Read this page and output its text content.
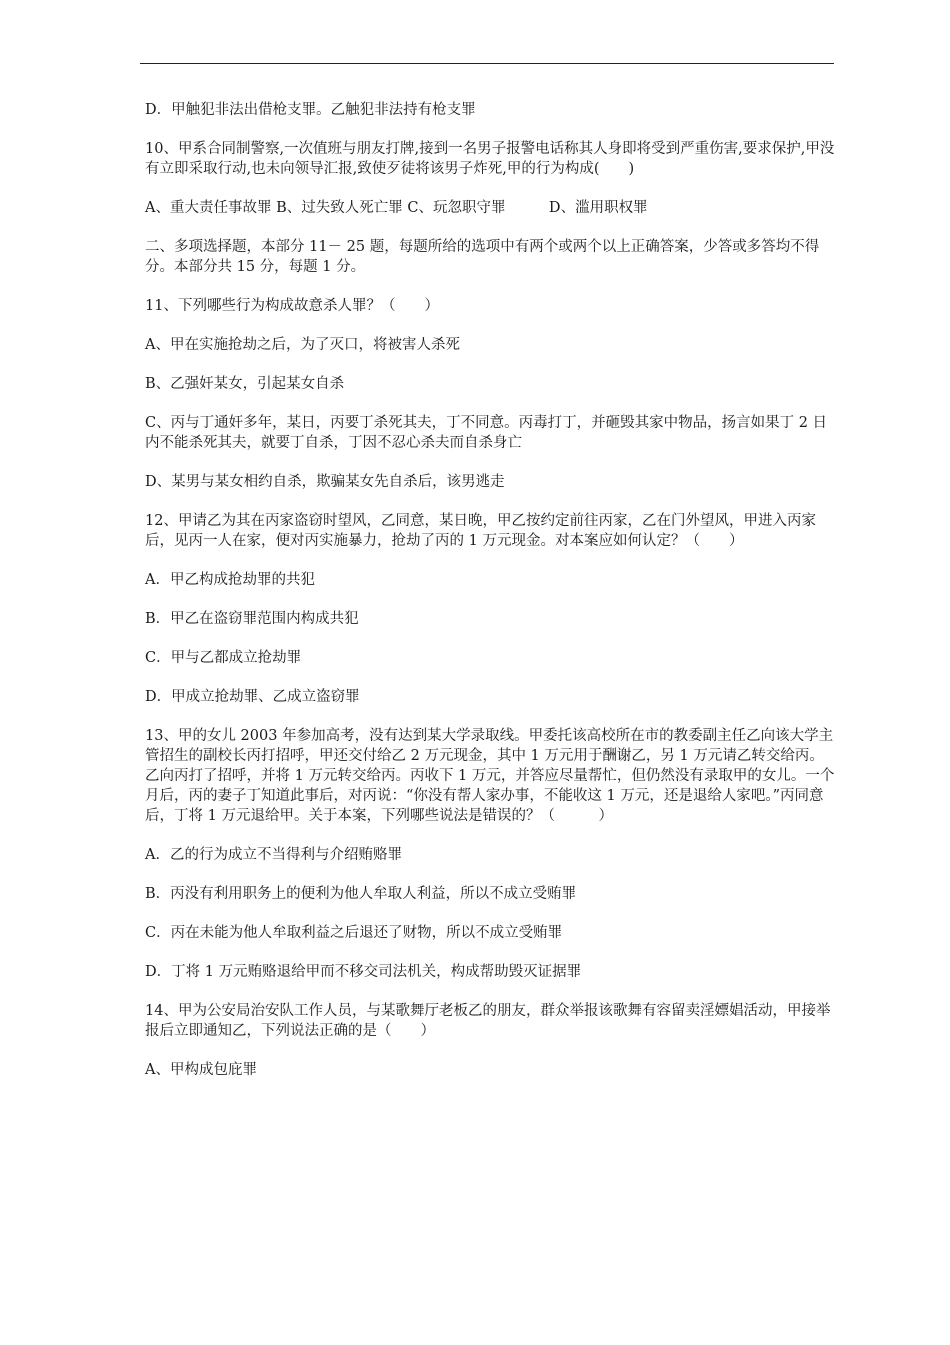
D．甲触犯非法出借枪支罪。乙触犯非法持有枪支罪

10、甲系合同制警察,一次值班与朋友打牌,接到一名男子报警电话称其人身即将受到严重伤害,要求保护,甲没有立即采取行动,也未向领导汇报,致使歹徒将该男子炸死,甲的行为构成(　　)

A、重大责任事故罪 B、过失致人死亡罪 C、玩忽职守罪　　　D、滥用职权罪

二、多项选择题，本部分 11－ 25 题，每题所给的选项中有两个或两个以上正确答案，少答或多答均不得分。本部分共 15 分，每题 1 分。

11、下列哪些行为构成故意杀人罪？（　　）

A、甲在实施抢劫之后，为了灭口，将被害人杀死

B、乙强奸某女，引起某女自杀

C、丙与丁通奸多年，某日，丙要丁杀死其夫，丁不同意。丙毒打丁，并砸毁其家中物品，扬言如果丁 2 日内不能杀死其夫，就要丁自杀，丁因不忍心杀夫而自杀身亡

D、某男与某女相约自杀，欺骗某女先自杀后，该男逃走

12、甲请乙为其在丙家盗窃时望风，乙同意，某日晚，甲乙按约定前往丙家，乙在门外望风，甲进入丙家后，见丙一人在家，便对丙实施暴力，抢劫了丙的 1 万元现金。对本案应如何认定？（　　）

A．甲乙构成抢劫罪的共犯

B．甲乙在盗窃罪范围内构成共犯

C．甲与乙都成立抢劫罪

D．甲成立抢劫罪、乙成立盗窃罪

13、甲的女儿 2003 年参加高考，没有达到某大学录取线。甲委托该高校所在市的教委副主任乙向该大学主管招生的副校长丙打招呼，甲还交付给乙 2 万元现金，其中 1 万元用于酬谢乙，另 1 万元请乙转交给丙。乙向丙打了招呼，并将 1 万元转交给丙。丙收下 1 万元，并答应尽量帮忙，但仍然没有录取甲的女儿。一个月后，丙的妻子丁知道此事后，对丙说：“你没有帮人家办事，不能收这 1 万元，还是退给人家吧。”丙同意后，丁将 1 万元退给甲。关于本案，下列哪些说法是错误的？（　　　）

A．乙的行为成立不当得利与介绍贿赂罪

B．丙没有利用职务上的便利为他人牟取人利益，所以不成立受贿罪

C．丙在未能为他人牟取利益之后退还了财物，所以不成立受贿罪

D．丁将 1 万元贿赂退给甲而不移交司法机关，构成帮助毁灭证据罪

14、甲为公安局治安队工作人员，与某歌舞厅老板乙的朋友，群众举报该歌舞有容留卖淫嫖娼活动，甲接举报后立即通知乙，下列说法正确的是（　　）

A、甲构成包庇罪
